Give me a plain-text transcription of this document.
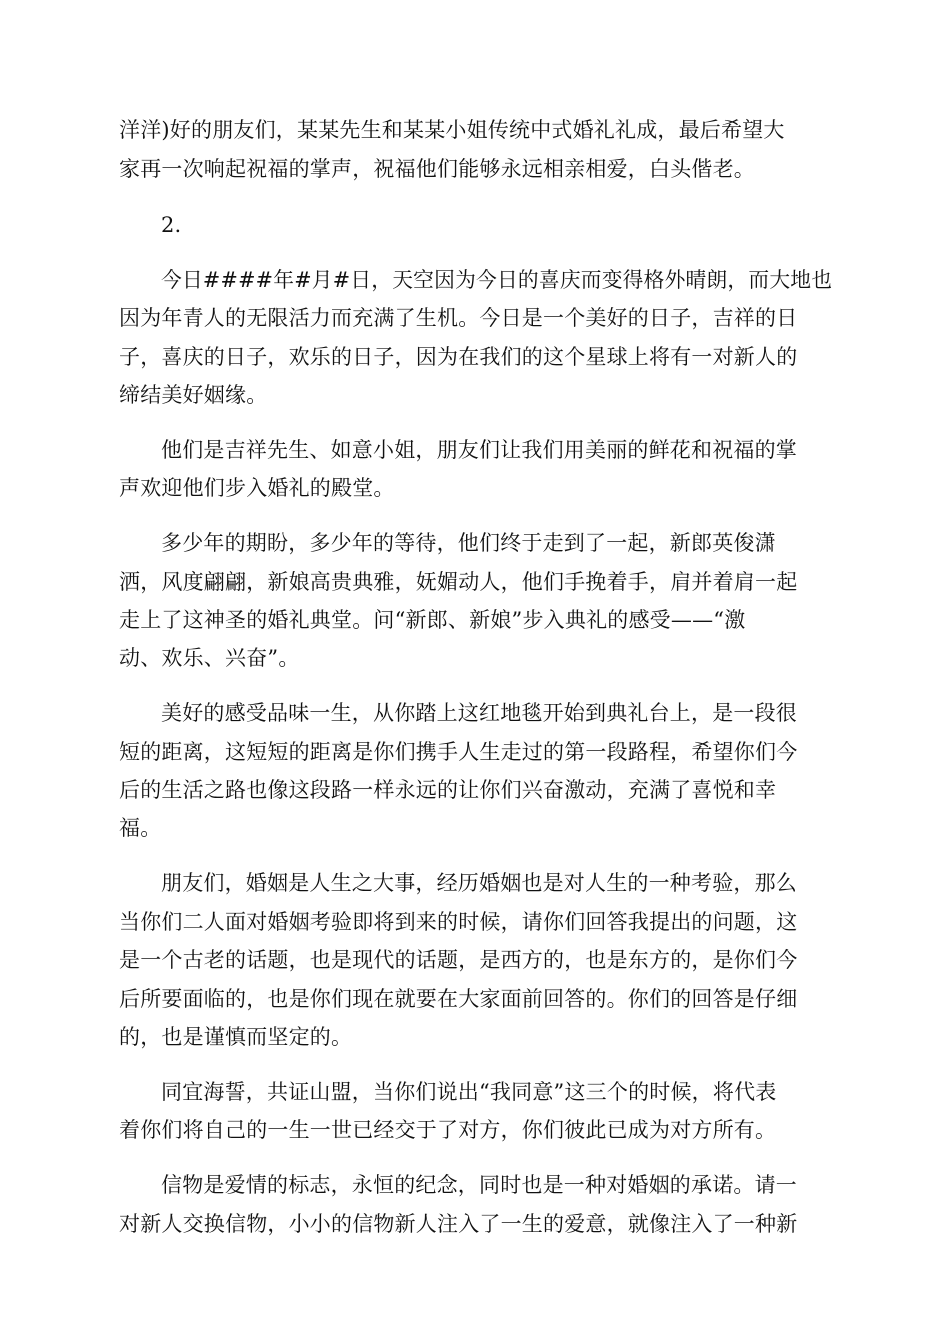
洋洋)好的朋友们，某某先生和某某小姐传统中式婚礼礼成，最后希望大
家再一次响起祝福的掌声，祝福他们能够永远相亲相爱，白头偕老。
2.
今日####年#月#日，天空因为今日的喜庆而变得格外晴朗，而大地也
因为年青人的无限活力而充满了生机。今日是一个美好的日子，吉祥的日
子，喜庆的日子，欢乐的日子，因为在我们的这个星球上将有一对新人的
缔结美好姻缘。
他们是吉祥先生、如意小姐，朋友们让我们用美丽的鲜花和祝福的掌
声欢迎他们步入婚礼的殿堂。
多少年的期盼，多少年的等待，他们终于走到了一起，新郎英俊潇
洒，风度翩翩，新娘高贵典雅，妩媚动人，他们手挽着手，肩并着肩一起
走上了这神圣的婚礼典堂。问“新郎、新娘”步入典礼的感受——“激
动、欢乐、兴奋”。
美好的感受品味一生，从你踏上这红地毯开始到典礼台上，是一段很
短的距离，这短短的距离是你们携手人生走过的第一段路程，希望你们今
后的生活之路也像这段路一样永远的让你们兴奋激动，充满了喜悦和幸
福。
朋友们，婚姻是人生之大事，经历婚姻也是对人生的一种考验，那么
当你们二人面对婚姻考验即将到来的时候，请你们回答我提出的问题，这
是一个古老的话题，也是现代的话题，是西方的，也是东方的，是你们今
后所要面临的，也是你们现在就要在大家面前回答的。你们的回答是仔细
的，也是谨慎而坚定的。
同宜海誓，共证山盟，当你们说出“我同意”这三个的时候，将代表
着你们将自己的一生一世已经交于了对方，你们彼此已成为对方所有。
信物是爱情的标志，永恒的纪念，同时也是一种对婚姻的承诺。请一
对新人交换信物，小小的信物新人注入了一生的爱意，就像注入了一种新
